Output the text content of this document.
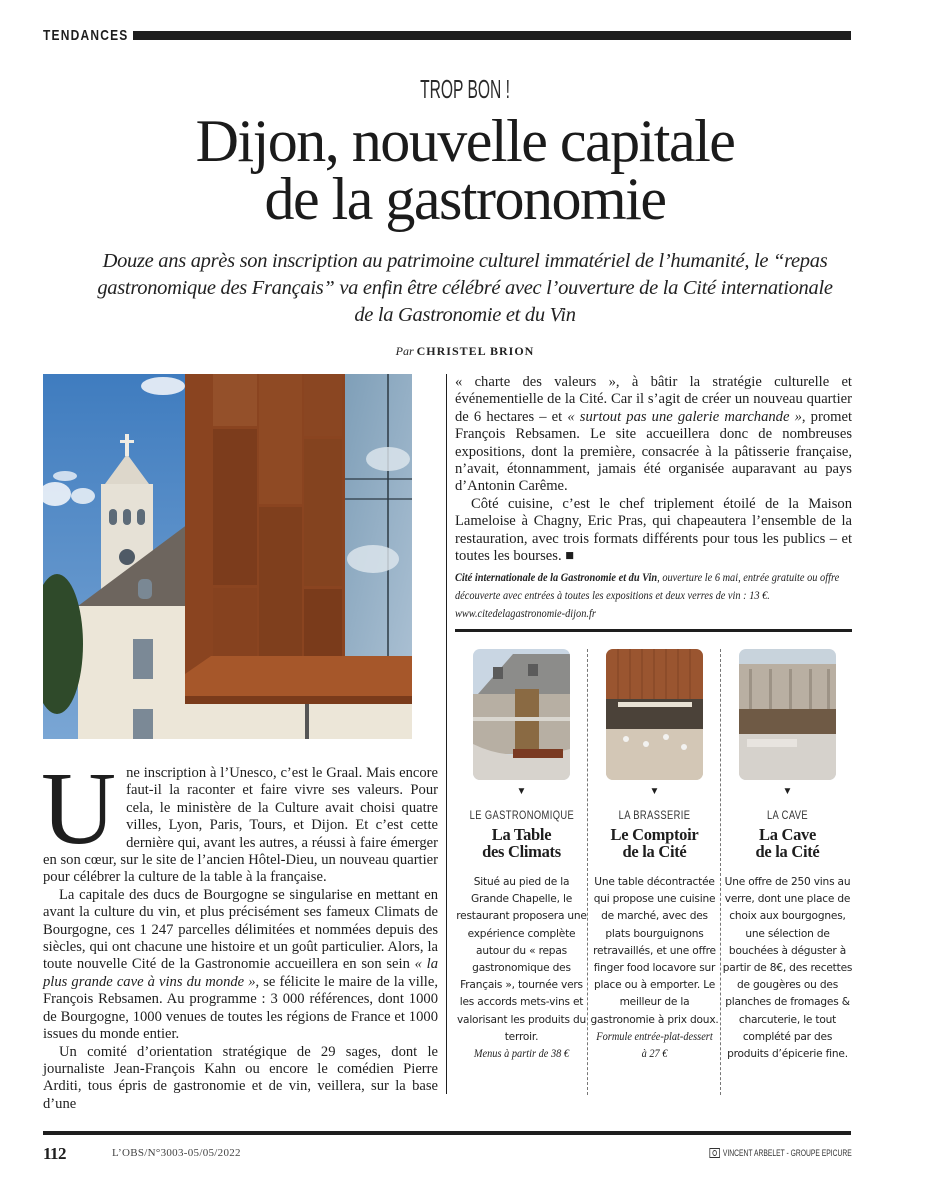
TENDANCES
TROP BON !
Dijon, nouvelle capitale
de la gastronomie
Douze ans après son inscription au patrimoine culturel immatériel de l’humanité, le “repas gastronomique des Français” va enfin être célébré avec l’ouverture de la Cité internationale de la Gastronomie et du Vin
Par CHRISTEL BRION

Une inscription à l’Unesco, c’est le Graal. Mais encore faut-il la raconter et faire vivre ses valeurs. Pour cela, le ministère de la Culture avait choisi quatre villes, Lyon, Paris, Tours, et Dijon. Et c’est cette dernière qui, avant les autres, a réussi à faire émerger en son cœur, sur le site de l’ancien Hôtel-Dieu, un nouveau quartier pour célébrer la culture de la table à la française.

La capitale des ducs de Bourgogne se singularise en mettant en avant la culture du vin, et plus précisément ses fameux Climats de Bourgogne, ces 1 247 parcelles délimitées et nommées depuis des siècles, qui ont chacune une histoire et un goût particulier. Alors, la toute nouvelle Cité de la Gastronomie accueillera en son sein « la plus grande cave à vins du monde », se félicite le maire de la ville, François Rebsamen. Au programme : 3 000 références, dont 1000 de Bourgogne, 1000 venues de toutes les régions de France et 1000 issues du monde entier.

Un comité d’orientation stratégique de 29 sages, dont le journaliste Jean-François Kahn ou encore le comédien Pierre Arditi, tous épris de gastronomie et de vin, veillera, sur la base d’une

« charte des valeurs », à bâtir la stratégie culturelle et événementielle de la Cité. Car il s’agit de créer un nouveau quartier de 6 hectares – et « surtout pas une galerie marchande », promet François Rebsamen. Le site accueillera donc de nombreuses expositions, dont la première, consacrée à la pâtisserie française, n’avait, étonnamment, jamais été organisée auparavant au pays d’Antonin Carême.

Côté cuisine, c’est le chef triplement étoilé de la Maison Lameloise à Chagny, Eric Pras, qui chapeautera l’ensemble de la restauration, avec trois formats différents pour tous les publics – et toutes les bourses. ■

Cité internationale de la Gastronomie et du Vin, ouverture le 6 mai, entrée gratuite ou offre découverte avec entrées à toutes les expositions et deux verres de vin : 13 €.
www.citedelagastronomie-dijon.fr
▼
LE GASTRONOMIQUE
La Table
des Climats
Situé au pied de la Grande Chapelle, le restaurant proposera une expérience complète autour du « repas gastronomique des Français », tournée vers les accords mets-vins et valorisant les produits du terroir.
Menus à partir de 38 €
▼
LA BRASSERIE
Le Comptoir
de la Cité
Une table décontractée qui propose une cuisine de marché, avec des plats bourguignons retravaillés, et une offre finger food locavore sur place ou à emporter. Le meilleur de la gastronomie à prix doux.
Formule entrée-plat-dessert à 27 €
▼
LA CAVE
La Cave
de la Cité
Une offre de 250 vins au verre, dont une place de choix aux bourgognes, une sélection de bouchées à déguster à partir de 8€, des recettes de gougères ou des planches de fromages & charcuterie, le tout complété par des produits d’épicerie fine.
112	L’OBS/N°3003-05/05/2022	VINCENT ARBELET - GROUPE EPICURE
